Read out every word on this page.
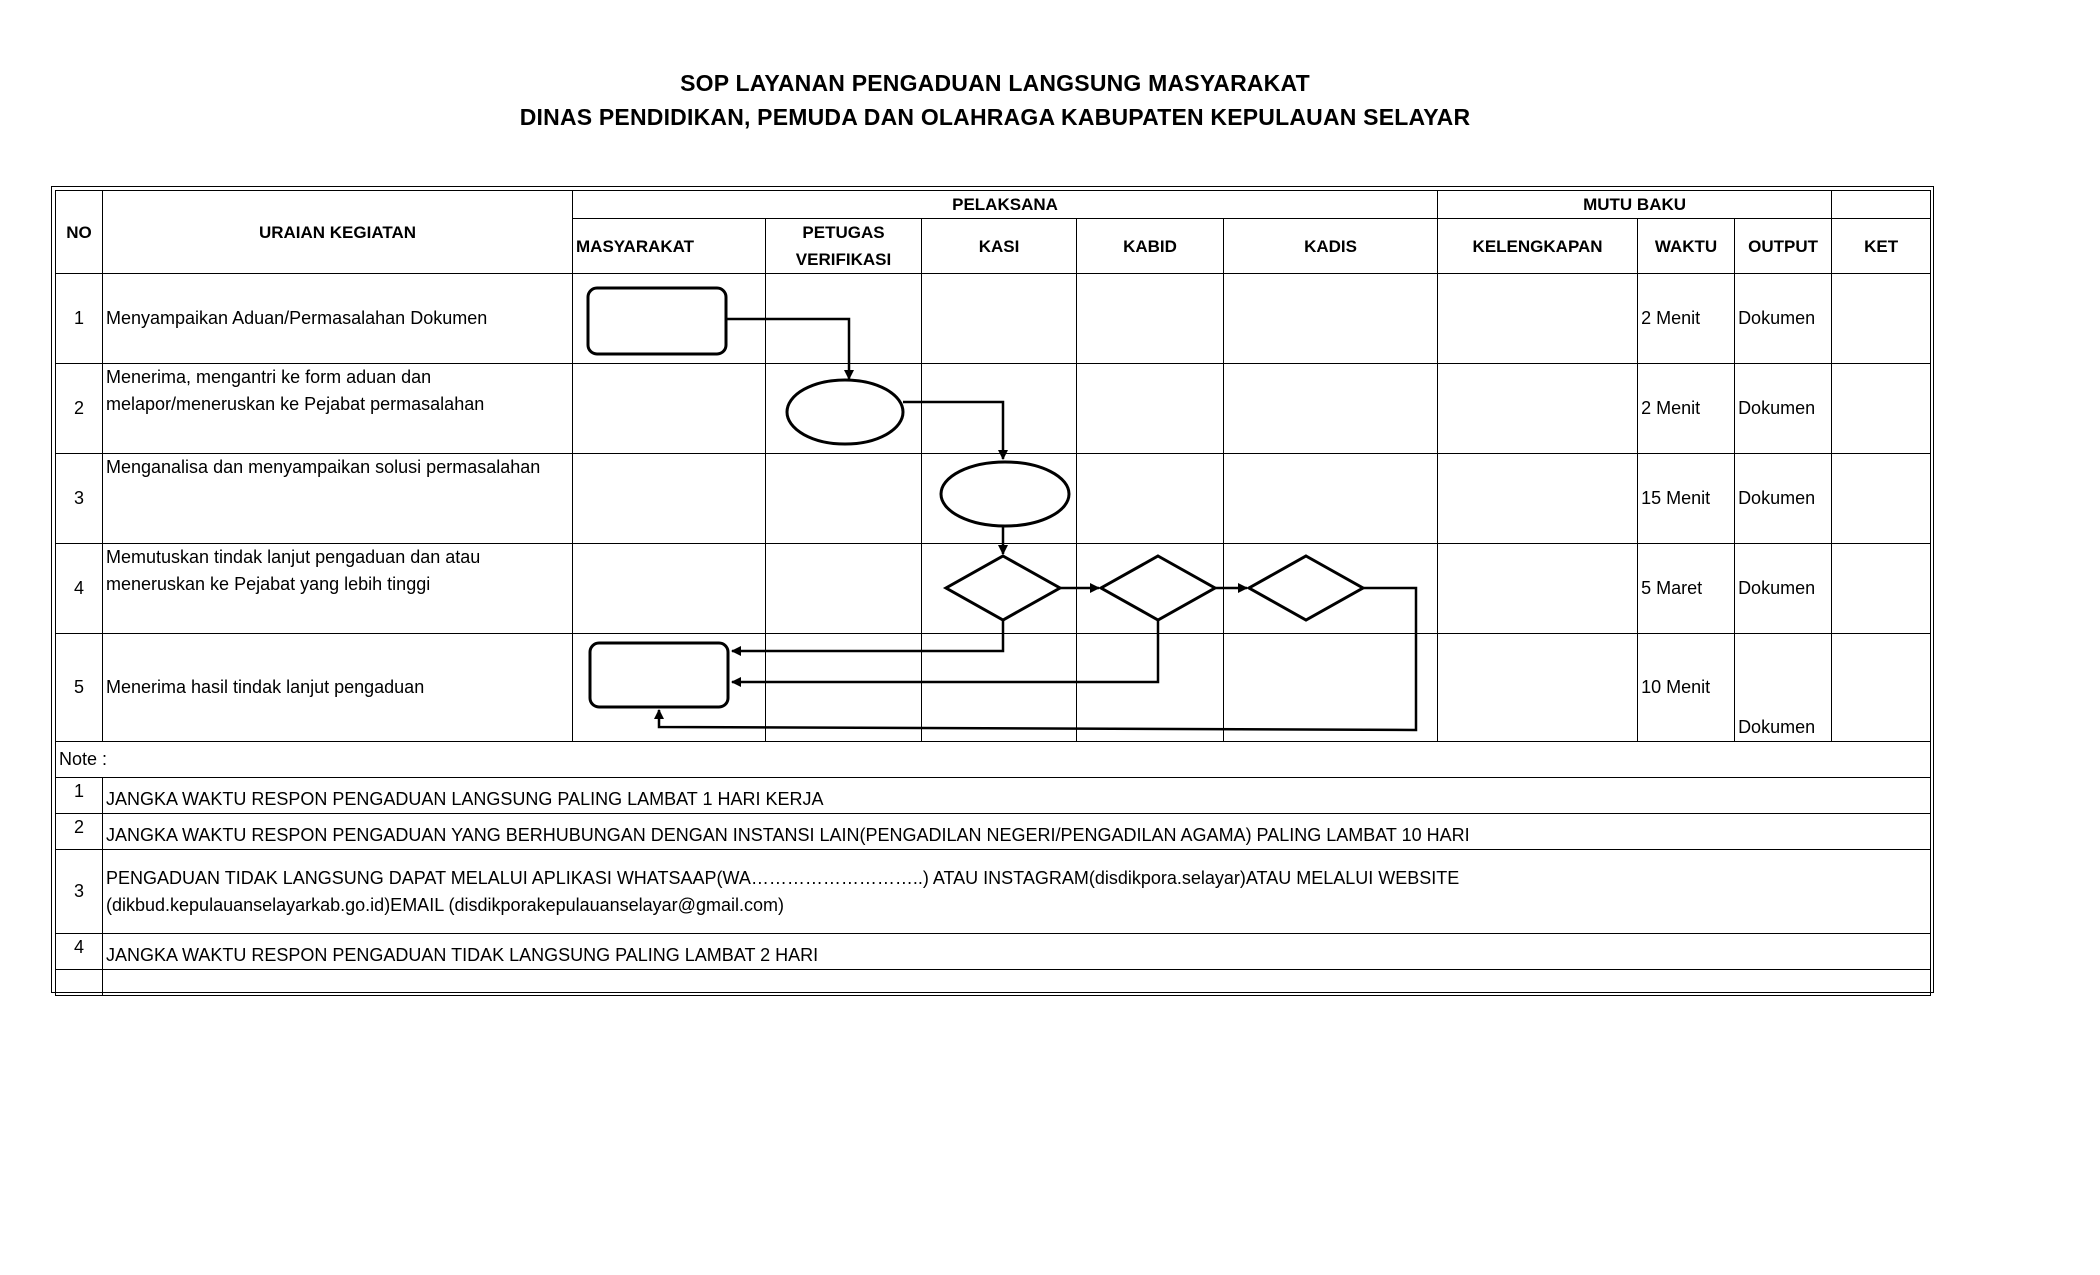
SOP LAYANAN PENGADUAN LANGSUNG MASYARAKAT
DINAS PENDIDIKAN, PEMUDA DAN OLAHRAGA KABUPATEN KEPULAUAN SELAYAR
NO		PELAKSANA					MUTU BAKU			
	URAIAN KEGIATAN	MASYARAKAT	PETUGAS VERIFIKASI	KASI	KABID	KADIS	KELENGKAPAN	WAKTU	OUTPUT	KET
1	Menyampaikan Aduan/Permasalahan Dokumen							2 Menit	Dokumen	
2	Menerima, mengantri ke form aduan dan melapor/meneruskan ke Pejabat permasalahan							2 Menit	Dokumen	
3	Menganalisa dan menyampaikan solusi permasalahan							15 Menit	Dokumen	
4	Memutuskan tindak lanjut pengaduan dan atau meneruskan ke Pejabat yang lebih tinggi							5 Maret	Dokumen	
5	Menerima hasil tindak lanjut pengaduan							10 Menit	Dokumen	
Note :										
1	JANGKA WAKTU RESPON PENGADUAN LANGSUNG PALING LAMBAT 1 HARI KERJA									
2	JANGKA WAKTU RESPON PENGADUAN YANG BERHUBUNGAN DENGAN INSTANSI LAIN(PENGADILAN NEGERI/PENGADILAN AGAMA) PALING LAMBAT 10 HARI									
3	PENGADUAN TIDAK LANGSUNG DAPAT MELALUI APLIKASI WHATSAAP(WA………………………..) ATAU INSTAGRAM(disdikpora.selayar)ATAU MELALUI WEBSITE (dikbud.kepulauanselayarkab.go.id)EMAIL (disdikporakepulauanselayar@gmail.com)									
4	JANGKA WAKTU RESPON PENGADUAN TIDAK LANGSUNG PALING LAMBAT 2 HARI									
